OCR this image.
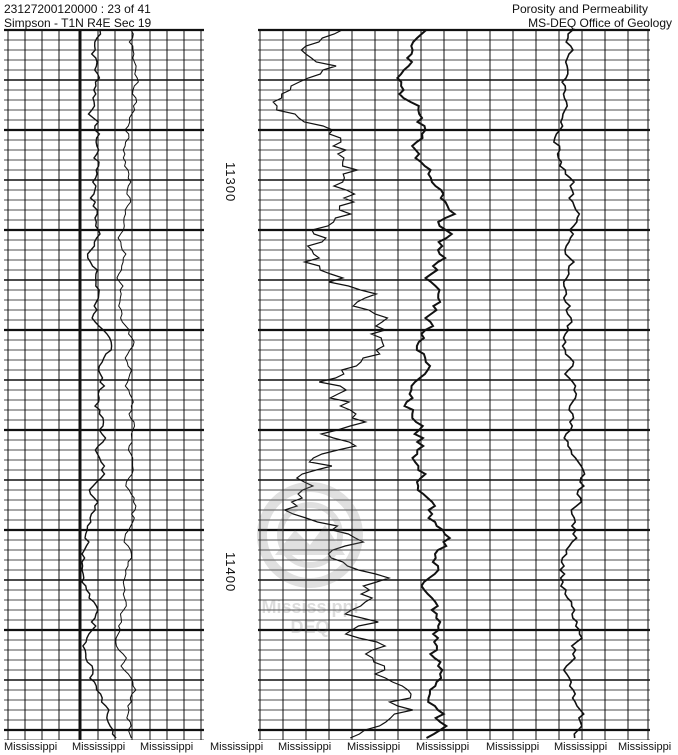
23127200120000 : 23 of 41
Simpson - T1N R4E Sec 19
Porosity and Permeability
MS-DEQ Office of Geology
11300
11400
Mississippi
DEQ
Mississippi Mississippi Mississippi Mississippi Mississippi Mississippi Mississippi Mississippi Mississippi Mississippi
